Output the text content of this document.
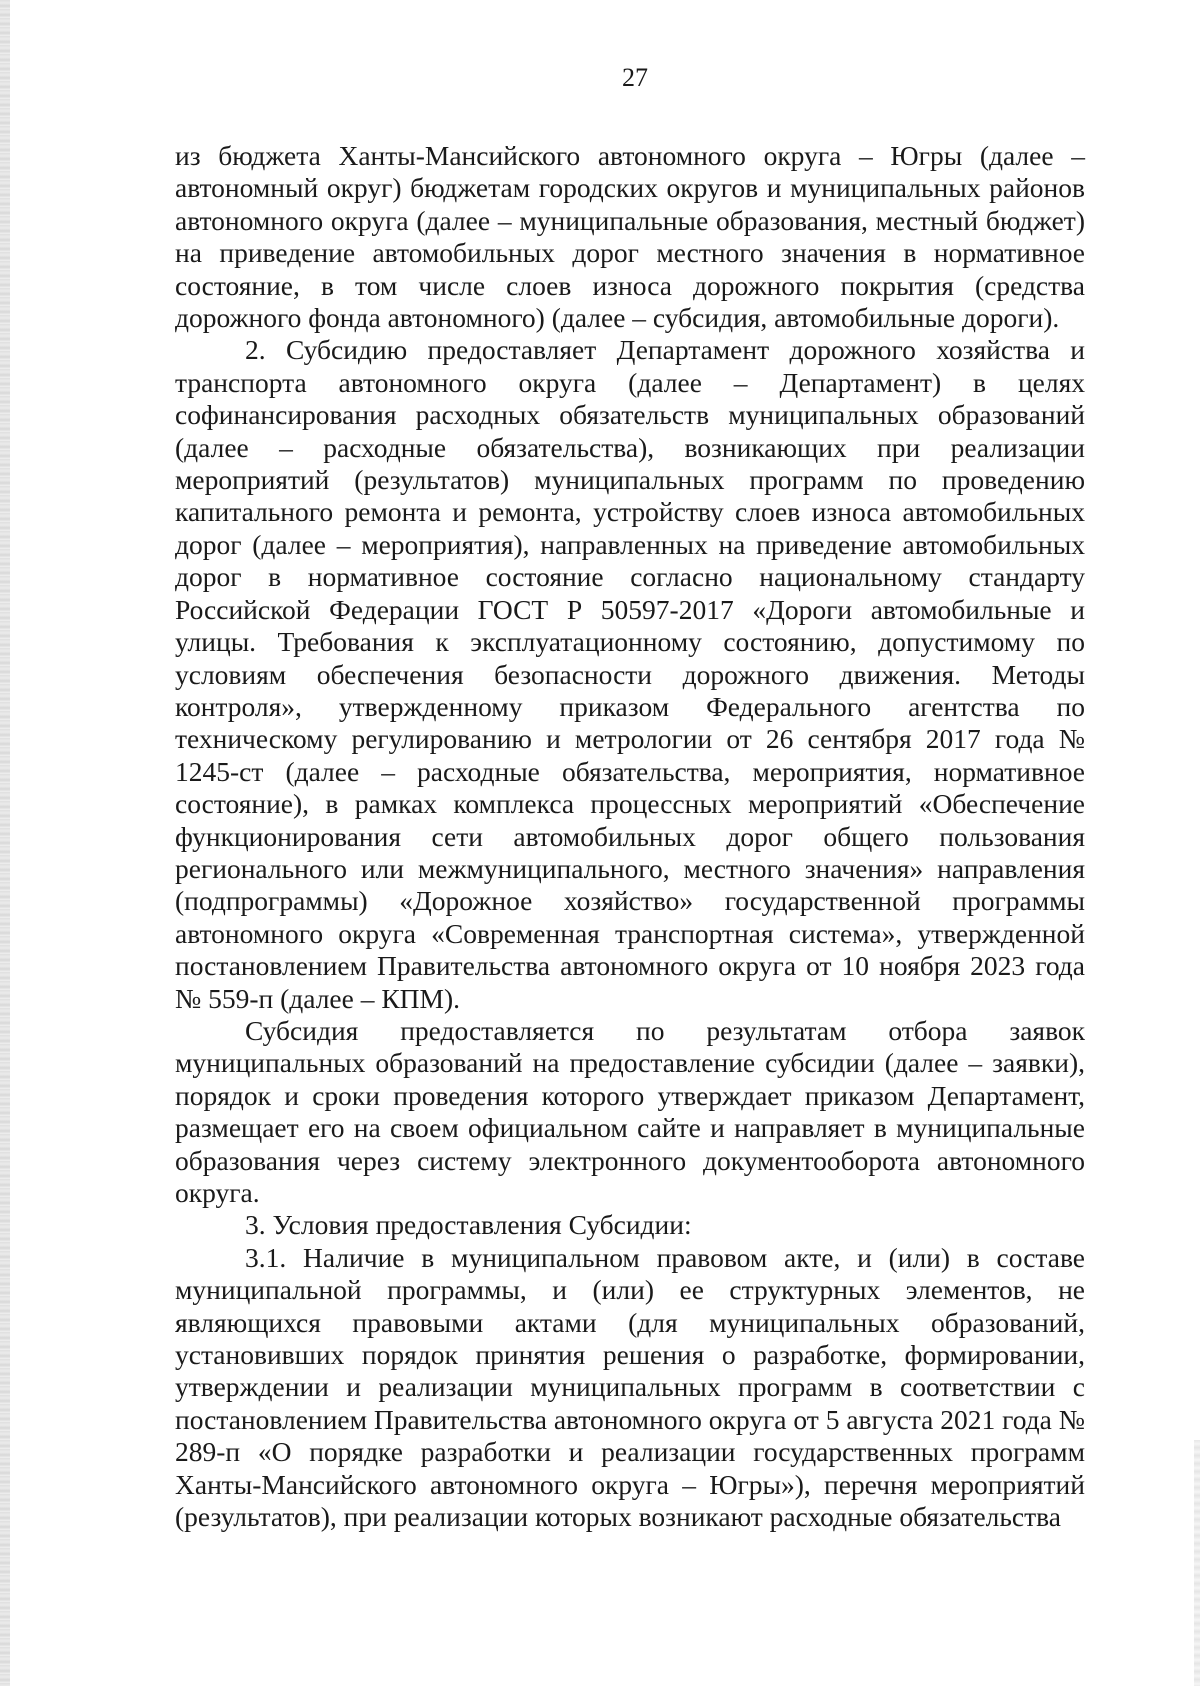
27

из бюджета Ханты-Мансийского автономного округа – Югры (далее – автономный округ) бюджетам городских округов и муниципальных районов автономного округа (далее – муниципальные образования, местный бюджет) на приведение автомобильных дорог местного значения в нормативное состояние, в том числе слоев износа дорожного покрытия (средства дорожного фонда автономного) (далее – субсидия, автомобильные дороги).

2. Субсидию предоставляет Департамент дорожного хозяйства и транспорта автономного округа (далее – Департамент) в целях софинансирования расходных обязательств муниципальных образований (далее – расходные обязательства), возникающих при реализации мероприятий (результатов) муниципальных программ по проведению капитального ремонта и ремонта, устройству слоев износа автомобильных дорог (далее – мероприятия), направленных на приведение автомобильных дорог в нормативное состояние согласно национальному стандарту Российской Федерации ГОСТ Р 50597-2017 «Дороги автомобильные и улицы. Требования к эксплуатационному состоянию, допустимому по условиям обеспечения безопасности дорожного движения. Методы контроля», утвержденному приказом Федерального агентства по техническому регулированию и метрологии от 26 сентября 2017 года № 1245-ст (далее – расходные обязательства, мероприятия, нормативное состояние), в рамках комплекса процессных мероприятий «Обеспечение функционирования сети автомобильных дорог общего пользования регионального или межмуниципального, местного значения» направления (подпрограммы) «Дорожное хозяйство» государственной программы автономного округа «Современная транспортная система», утвержденной постановлением Правительства автономного округа от 10 ноября 2023 года № 559-п (далее – КПМ).

Субсидия предоставляется по результатам отбора заявок муниципальных образований на предоставление субсидии (далее – заявки), порядок и сроки проведения которого утверждает приказом Департамент, размещает его на своем официальном сайте и направляет в муниципальные образования через систему электронного документооборота автономного округа.

3. Условия предоставления Субсидии:

3.1. Наличие в муниципальном правовом акте, и (или) в составе муниципальной программы, и (или) ее структурных элементов, не являющихся правовыми актами (для муниципальных образований, установивших порядок принятия решения о разработке, формировании, утверждении и реализации муниципальных программ в соответствии с постановлением Правительства автономного округа от 5 августа 2021 года № 289-п «О порядке разработки и реализации государственных программ Ханты-Мансийского автономного округа – Югры»), перечня мероприятий (результатов), при реализации которых возникают расходные обязательства
